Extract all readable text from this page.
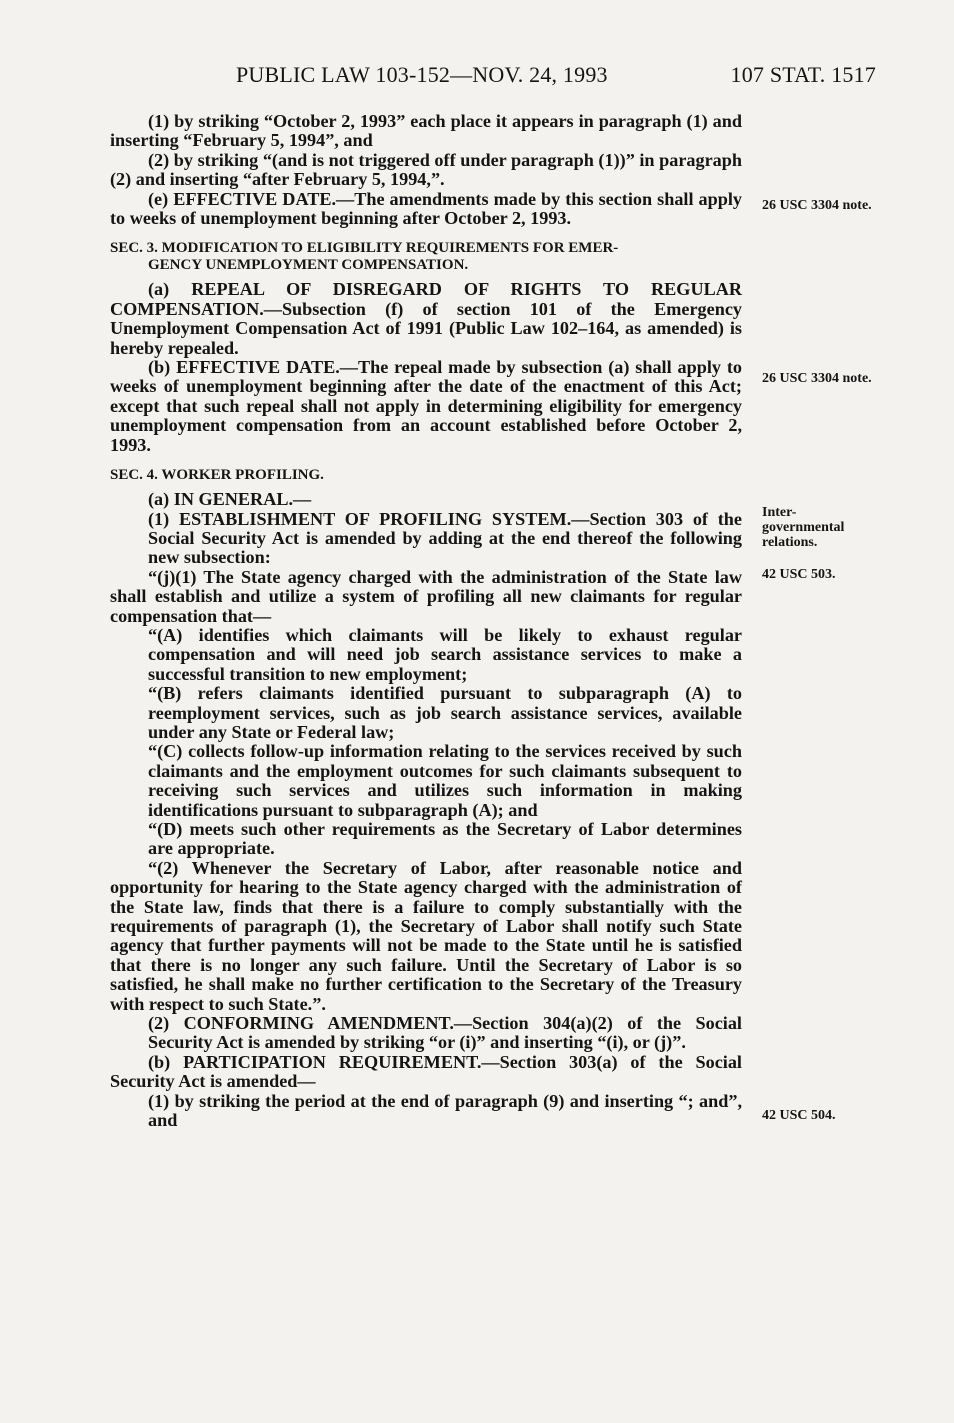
PUBLIC LAW 103-152—NOV. 24, 1993	107 STAT. 1517

(1) by striking “October 2, 1993” each place it appears in paragraph (1) and inserting “February 5, 1994”, and

(2) by striking “(and is not triggered off under paragraph (1))” in paragraph (2) and inserting “after February 5, 1994,”.

(e) EFFECTIVE DATE.—The amendments made by this section shall apply to weeks of unemployment beginning after October 2, 1993.

SEC. 3. MODIFICATION TO ELIGIBILITY REQUIREMENTS FOR EMER-
GENCY UNEMPLOYMENT COMPENSATION.

(a) REPEAL OF DISREGARD OF RIGHTS TO REGULAR COMPENSATION.—Subsection (f) of section 101 of the Emergency Unemployment Compensation Act of 1991 (Public Law 102–164, as amended) is hereby repealed.

(b) EFFECTIVE DATE.—The repeal made by subsection (a) shall apply to weeks of unemployment beginning after the date of the enactment of this Act; except that such repeal shall not apply in determining eligibility for emergency unemployment compensation from an account established before October 2, 1993.

SEC. 4. WORKER PROFILING.

(a) IN GENERAL.—

(1) ESTABLISHMENT OF PROFILING SYSTEM.—Section 303 of the Social Security Act is amended by adding at the end thereof the following new subsection:

“(j)(1) The State agency charged with the administration of the State law shall establish and utilize a system of profiling all new claimants for regular compensation that—

“(A) identifies which claimants will be likely to exhaust regular compensation and will need job search assistance services to make a successful transition to new employment;

“(B) refers claimants identified pursuant to subparagraph (A) to reemployment services, such as job search assistance services, available under any State or Federal law;

“(C) collects follow-up information relating to the services received by such claimants and the employment outcomes for such claimants subsequent to receiving such services and utilizes such information in making identifications pursuant to subparagraph (A); and

“(D) meets such other requirements as the Secretary of Labor determines are appropriate.

“(2) Whenever the Secretary of Labor, after reasonable notice and opportunity for hearing to the State agency charged with the administration of the State law, finds that there is a failure to comply substantially with the requirements of paragraph (1), the Secretary of Labor shall notify such State agency that further payments will not be made to the State until he is satisfied that there is no longer any such failure. Until the Secretary of Labor is so satisfied, he shall make no further certification to the Secretary of the Treasury with respect to such State.”.

(2) CONFORMING AMENDMENT.—Section 304(a)(2) of the Social Security Act is amended by striking “or (i)” and inserting “(i), or (j)”.

(b) PARTICIPATION REQUIREMENT.—Section 303(a) of the Social Security Act is amended—

(1) by striking the period at the end of paragraph (9) and inserting “; and”, and

26 USC 3304 note.
26 USC 3304 note.
Inter-governmental relations.
42 USC 503.
42 USC 504.
